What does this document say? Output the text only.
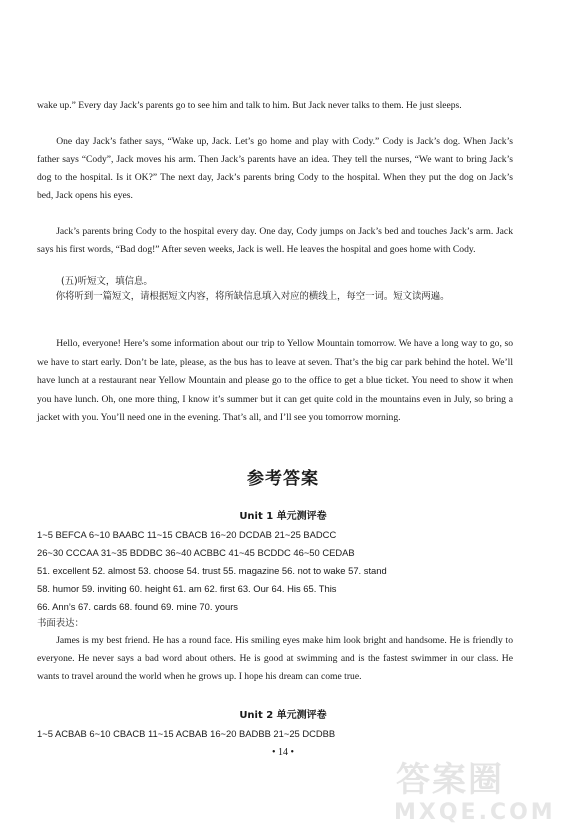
wake up.” Every day Jack’s parents go to see him and talk to him. But Jack never talks to them. He just sleeps.
One day Jack’s father says, “Wake up, Jack. Let’s go home and play with Cody.” Cody is Jack’s dog. When Jack’s father says “Cody”, Jack moves his arm. Then Jack’s parents have an idea. They tell the nurses, “We want to bring Jack’s dog to the hospital. Is it OK?” The next day, Jack’s parents bring Cody to the hospital. When they put the dog on Jack’s bed, Jack opens his eyes.
Jack’s parents bring Cody to the hospital every day. One day, Cody jumps on Jack’s bed and touches Jack’s arm. Jack says his first words, “Bad dog!” After seven weeks, Jack is well. He leaves the hospital and goes home with Cody.
(五)听短文，填信息。
你将听到一篇短文，请根据短文内容，将所缺信息填入对应的横线上，每空一词。短文读两遍。
Hello, everyone! Here’s some information about our trip to Yellow Mountain tomorrow. We have a long way to go, so we have to start early. Don’t be late, please, as the bus has to leave at seven. That’s the big car park behind the hotel. We’ll have lunch at a restaurant near Yellow Mountain and please go to the office to get a blue ticket. You need to show it when you have lunch. Oh, one more thing, I know it’s summer but it can get quite cold in the mountains even in July, so bring a jacket with you. You’ll need one in the evening. That’s all, and I’ll see you tomorrow morning.
参考答案
Unit 1 单元测评卷
1~5 BEFCA 6~10 BAABC 11~15 CBACB 16~20 DCDAB 21~25 BADCC
26~30 CCCAA 31~35 BDDBC 36~40 ACBBC 41~45 BCDDC 46~50 CEDAB
51. excellent 52. almost 53. choose 54. trust 55. magazine 56. not to wake 57. stand
58. humor 59. inviting 60. height 61. am 62. first 63. Our 64. His 65. This
66. Ann’s 67. cards 68. found 69. mine 70. yours
书面表达：
James is my best friend. He has a round face. His smiling eyes make him look bright and handsome. He is friendly to everyone. He never says a bad word about others. He is good at swimming and is the fastest swimmer in our class. He wants to travel around the world when he grows up. I hope his dream can come true.
Unit 2 单元测评卷
1~5 ACBAB 6~10 CBACB 11~15 ACBAB 16~20 BADBB 21~25 DCDBB
• 14 •
答案圈
MXQE.COM
